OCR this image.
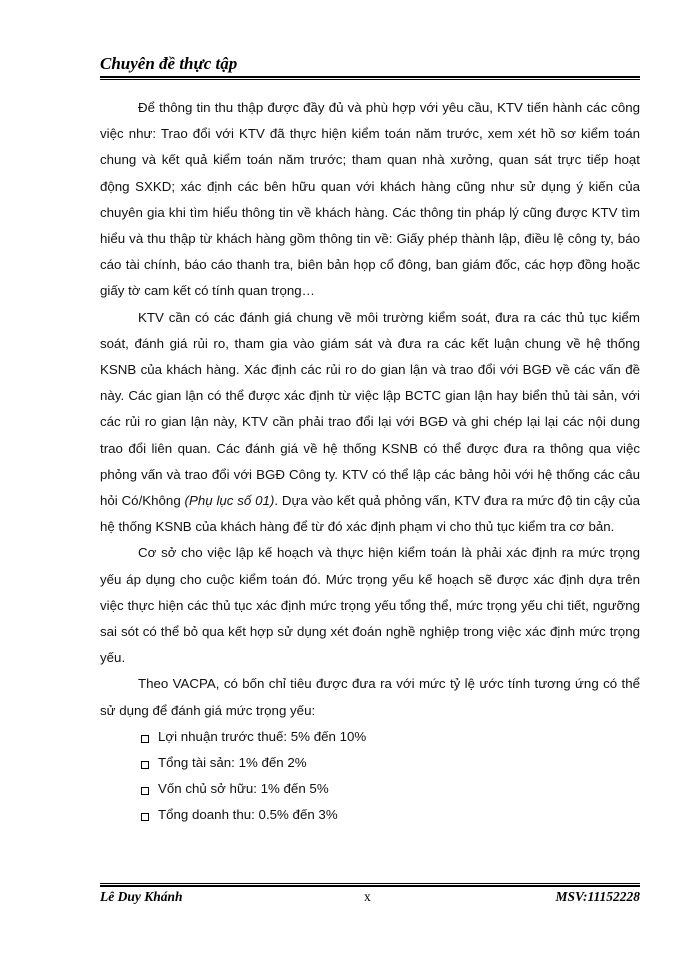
Chuyên đề thực tập

Để thông tin thu thập được đầy đủ và phù hợp với yêu cầu, KTV tiến hành các công việc như: Trao đổi với KTV đã thực hiện kiểm toán năm trước, xem xét hồ sơ kiểm toán chung và kết quả kiểm toán năm trước; tham quan nhà xưởng, quan sát trực tiếp hoạt động SXKD; xác định các bên hữu quan với khách hàng cũng như sử dụng ý kiến của chuyên gia khi tìm hiểu thông tin về khách hàng. Các thông tin pháp lý cũng được KTV tìm hiểu và thu thập từ khách hàng gồm thông tin về: Giấy phép thành lập, điều lệ công ty, báo cáo tài chính, báo cáo thanh tra, biên bản họp cổ đông, ban giám đốc, các hợp đồng hoặc giấy tờ cam kết có tính quan trọng…

KTV cần có các đánh giá chung về môi trường kiểm soát, đưa ra các thủ tục kiểm soát, đánh giá rủi ro, tham gia vào giám sát và đưa ra các kết luận chung về hệ thống KSNB của khách hàng. Xác định các rủi ro do gian lận và trao đổi với BGĐ về các vấn đề này. Các gian lận có thể được xác định từ việc lập BCTC gian lận hay biển thủ tài sản, với các rủi ro gian lận này, KTV cần phải trao đổi lại với BGĐ và ghi chép lại lại các nội dung trao đổi liên quan. Các đánh giá về hệ thống KSNB có thể được đưa ra thông qua việc phỏng vấn và trao đổi với BGĐ Công ty. KTV có thể lập các bảng hỏi với hệ thống các câu hỏi Có/Không (Phụ lục số 01). Dựa vào kết quả phỏng vấn, KTV đưa ra mức độ tin cậy của hệ thống KSNB của khách hàng để từ đó xác định phạm vi cho thủ tục kiểm tra cơ bản.

Cơ sở cho việc lập kế hoạch và thực hiện kiểm toán là phải xác định ra mức trọng yếu áp dụng cho cuộc kiểm toán đó. Mức trọng yếu kế hoạch sẽ được xác định dựa trên việc thực hiện các thủ tục xác định mức trọng yếu tổng thể, mức trọng yếu chi tiết, ngưỡng sai sót có thể bỏ qua kết hợp sử dụng xét đoán nghề nghiệp trong việc xác định mức trọng yếu.

Theo VACPA, có bốn chỉ tiêu được đưa ra với mức tỷ lệ ước tính tương ứng có thể sử dụng để đánh giá mức trọng yếu:

Lợi nhuận trước thuế: 5% đến 10%
Tổng tài sản: 1% đến 2%
Vốn chủ sở hữu: 1% đến 5%
Tổng doanh thu: 0.5% đến 3%
Lê Duy Khánh	x	MSV:11152228
